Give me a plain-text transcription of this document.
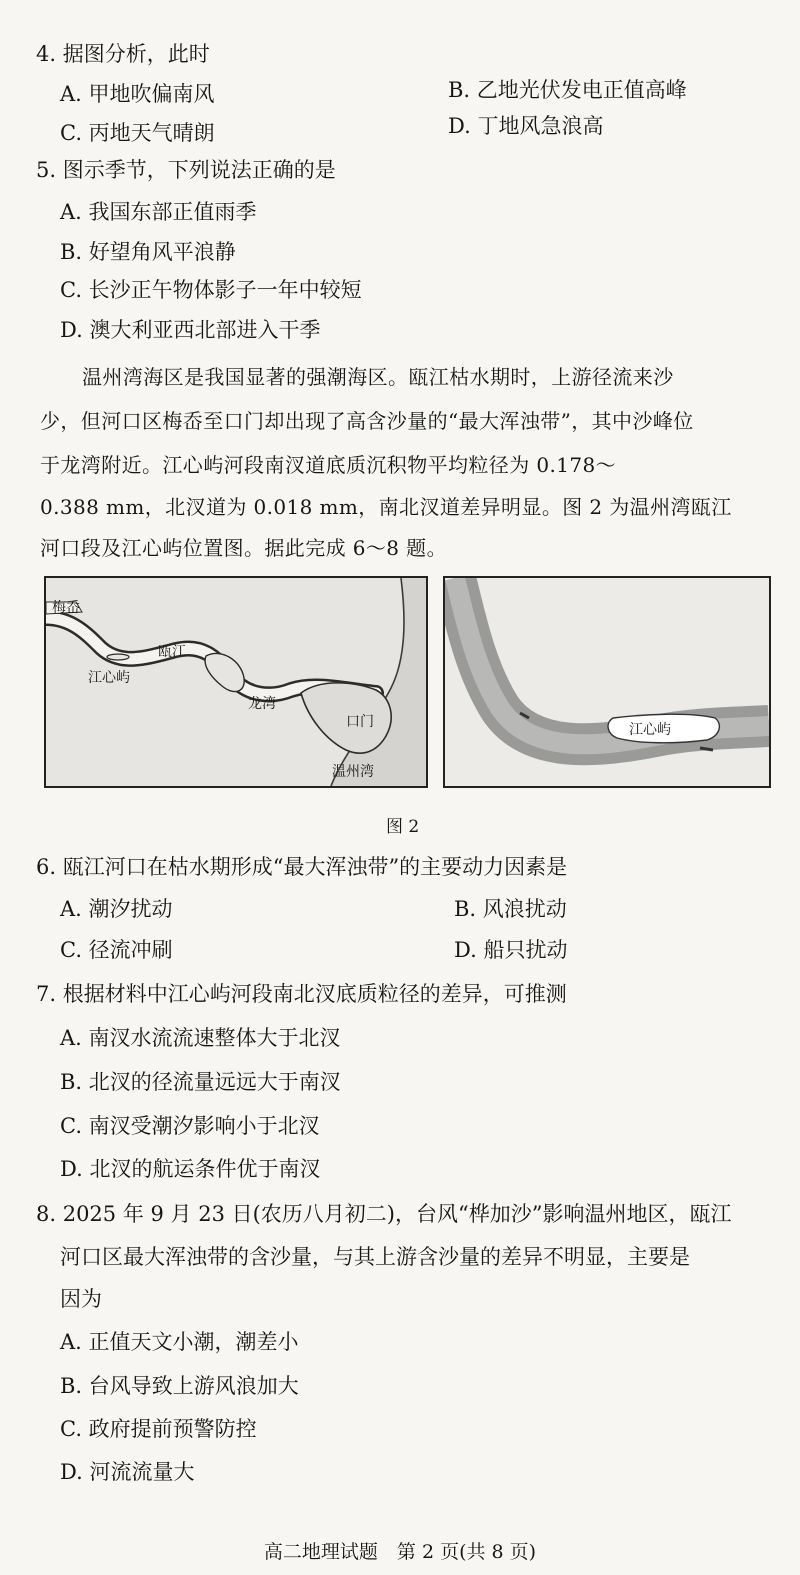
4. 据图分析，此时
A. 甲地吹偏南风	B. 乙地光伏发电正值高峰
C. 丙地天气晴朗	D. 丁地风急浪高
5. 图示季节，下列说法正确的是
A. 我国东部正值雨季
B. 好望角风平浪静
C. 长沙正午物体影子一年中较短
D. 澳大利亚西北部进入干季
温州湾海区是我国显著的强潮海区。瓯江枯水期时，上游径流来沙
少，但河口区梅岙至口门却出现了高含沙量的“最大浑浊带”，其中沙峰位
于龙湾附近。江心屿河段南汊道底质沉积物平均粒径为 0.178～
0.388 mm，北汊道为 0.018 mm，南北汊道差异明显。图 2 为温州湾瓯江
河口段及江心屿位置图。据此完成 6～8 题。
梅岙
瓯江
江心屿
龙湾
口门
温州湾
江心屿
图 2
6. 瓯江河口在枯水期形成“最大浑浊带”的主要动力因素是
A. 潮汐扰动	B. 风浪扰动
C. 径流冲刷	D. 船只扰动
7. 根据材料中江心屿河段南北汊底质粒径的差异，可推测
A. 南汊水流流速整体大于北汊
B. 北汊的径流量远远大于南汊
C. 南汊受潮汐影响小于北汊
D. 北汊的航运条件优于南汊
8. 2025 年 9 月 23 日(农历八月初二)，台风“桦加沙”影响温州地区，瓯江
河口区最大浑浊带的含沙量，与其上游含沙量的差异不明显，主要是
因为
A. 正值天文小潮，潮差小
B. 台风导致上游风浪加大
C. 政府提前预警防控
D. 河流流量大
高二地理试题　第 2 页(共 8 页)
